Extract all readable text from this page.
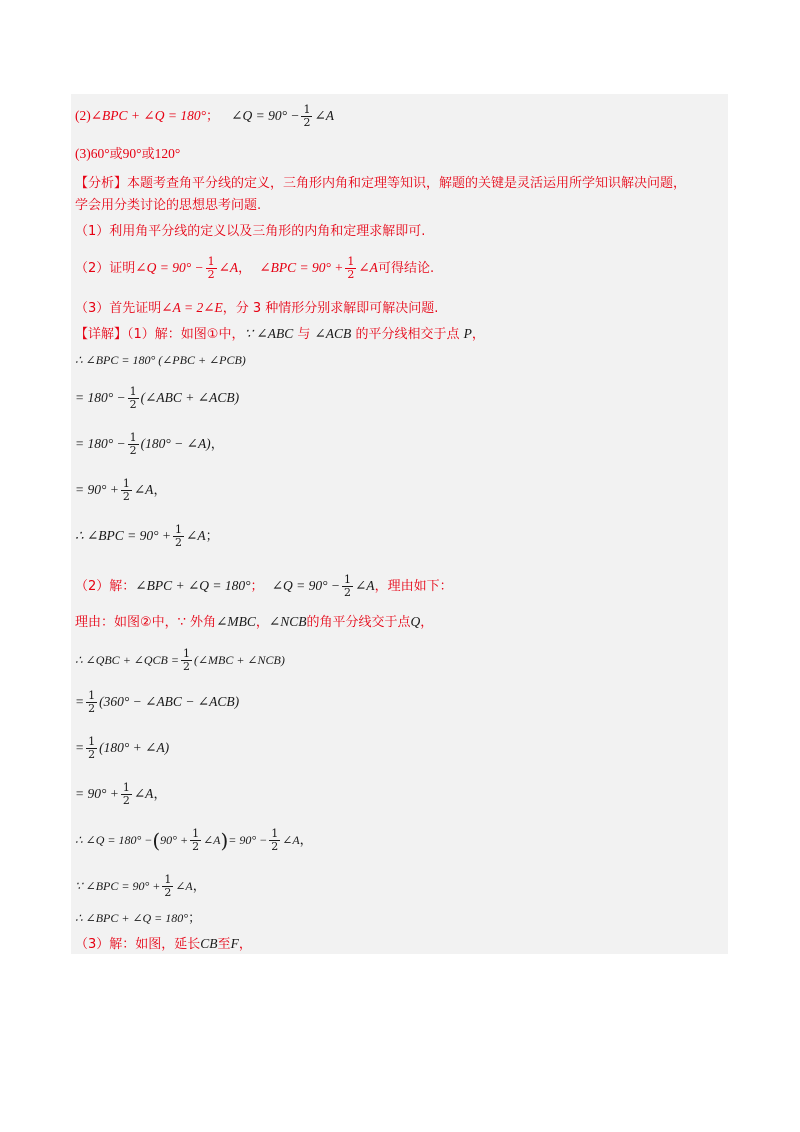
(2)∠BPC + ∠Q = 180°； ∠Q = $90^\circ - \frac{1}{2}$ ∠A
(3)60°或90°或120°
【分析】本题考查角平分线的定义，三角形内角和定理等知识，解题的关键是灵活运用所学知识解决问题，
学会用分类讨论的思想思考问题.
（1）利用角平分线的定义以及三角形的内角和定理求解即可.
（2）证明∠Q = $90^\circ - \frac{1}{2}$ ∠A， ∠BPC = $90^\circ + \frac{1}{2}$ ∠A可得结论.
（3）首先证明∠A = 2∠E，分 3 种情形分别求解即可解决问题.
【详解】（1）解：如图①中，∵ ∠ABC 与 ∠ACB 的平分线相交于点 P，
∴ ∠BPC = 180° (∠PBC + ∠PCB)
= $180^\circ - \frac{1}{2}$ (∠ABC + ∠ACB)
= $180^\circ - \frac{1}{2} (180^\circ$ − ∠A)，
= $90^\circ + \frac{1}{2}$ ∠A，
∴ ∠BPC = $90^\circ + \frac{1}{2}$ ∠A；
（2）解：∠BPC + ∠Q = 180°； ∠Q = $90^\circ - \frac{1}{2}$ ∠A，理由如下：
理由：如图②中，∵ 外角∠MBC，∠NCB的角平分线交于点Q，
∴ ∠QBC + ∠QCB = $\frac{1}{2}$ (∠MBC + ∠NCB)
= $\frac{1}{2} (360^\circ$ − ∠ABC − ∠ACB)
= $\frac{1}{2} (180^\circ$ + ∠A)
= $90^\circ + \frac{1}{2}$ ∠A，
∴ ∠Q = $180^\circ -(90^\circ + \frac{1}{2}$ ∠A)= $90^\circ - \frac{1}{2}$ ∠A，
∵ ∠BPC = $90^\circ + \frac{1}{2}$ ∠A，
∴ ∠BPC + ∠Q = 180°；
（3）解：如图，延长CB至F，
